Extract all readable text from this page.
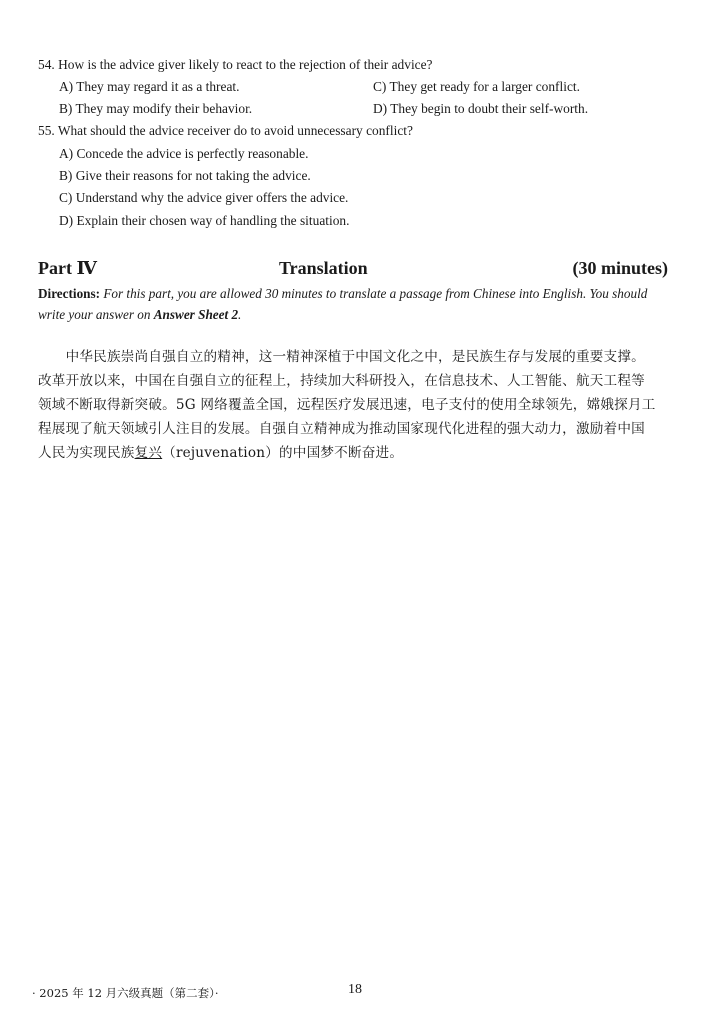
54. How is the advice giver likely to react to the rejection of their advice?
A) They may regard it as a threat.	C) They get ready for a larger conflict.
B) They may modify their behavior.	D) They begin to doubt their self-worth.
55. What should the advice receiver do to avoid unnecessary conflict?
A) Concede the advice is perfectly reasonable.
B) Give their reasons for not taking the advice.
C) Understand why the advice giver offers the advice.
D) Explain their chosen way of handling the situation.
Part Ⅳ	Translation	(30 minutes)
Directions: For this part, you are allowed 30 minutes to translate a passage from Chinese into English. You should write your answer on Answer Sheet 2.
　　中华民族崇尚自强自立的精神，这一精神深植于中国文化之中，是民族生存与发展的重要支撑。
改革开放以来，中国在自强自立的征程上，持续加大科研投入，在信息技术、人工智能、航天工程等
领域不断取得新突破。5G 网络覆盖全国，远程医疗发展迅速，电子支付的使用全球领先，嫦娥探月工
程展现了航天领域引人注目的发展。自强自立精神成为推动国家现代化进程的强大动力，激励着中国
人民为实现民族复兴（rejuvenation）的中国梦不断奋进。
· 2025 年 12 月六级真题（第二套）·	18
